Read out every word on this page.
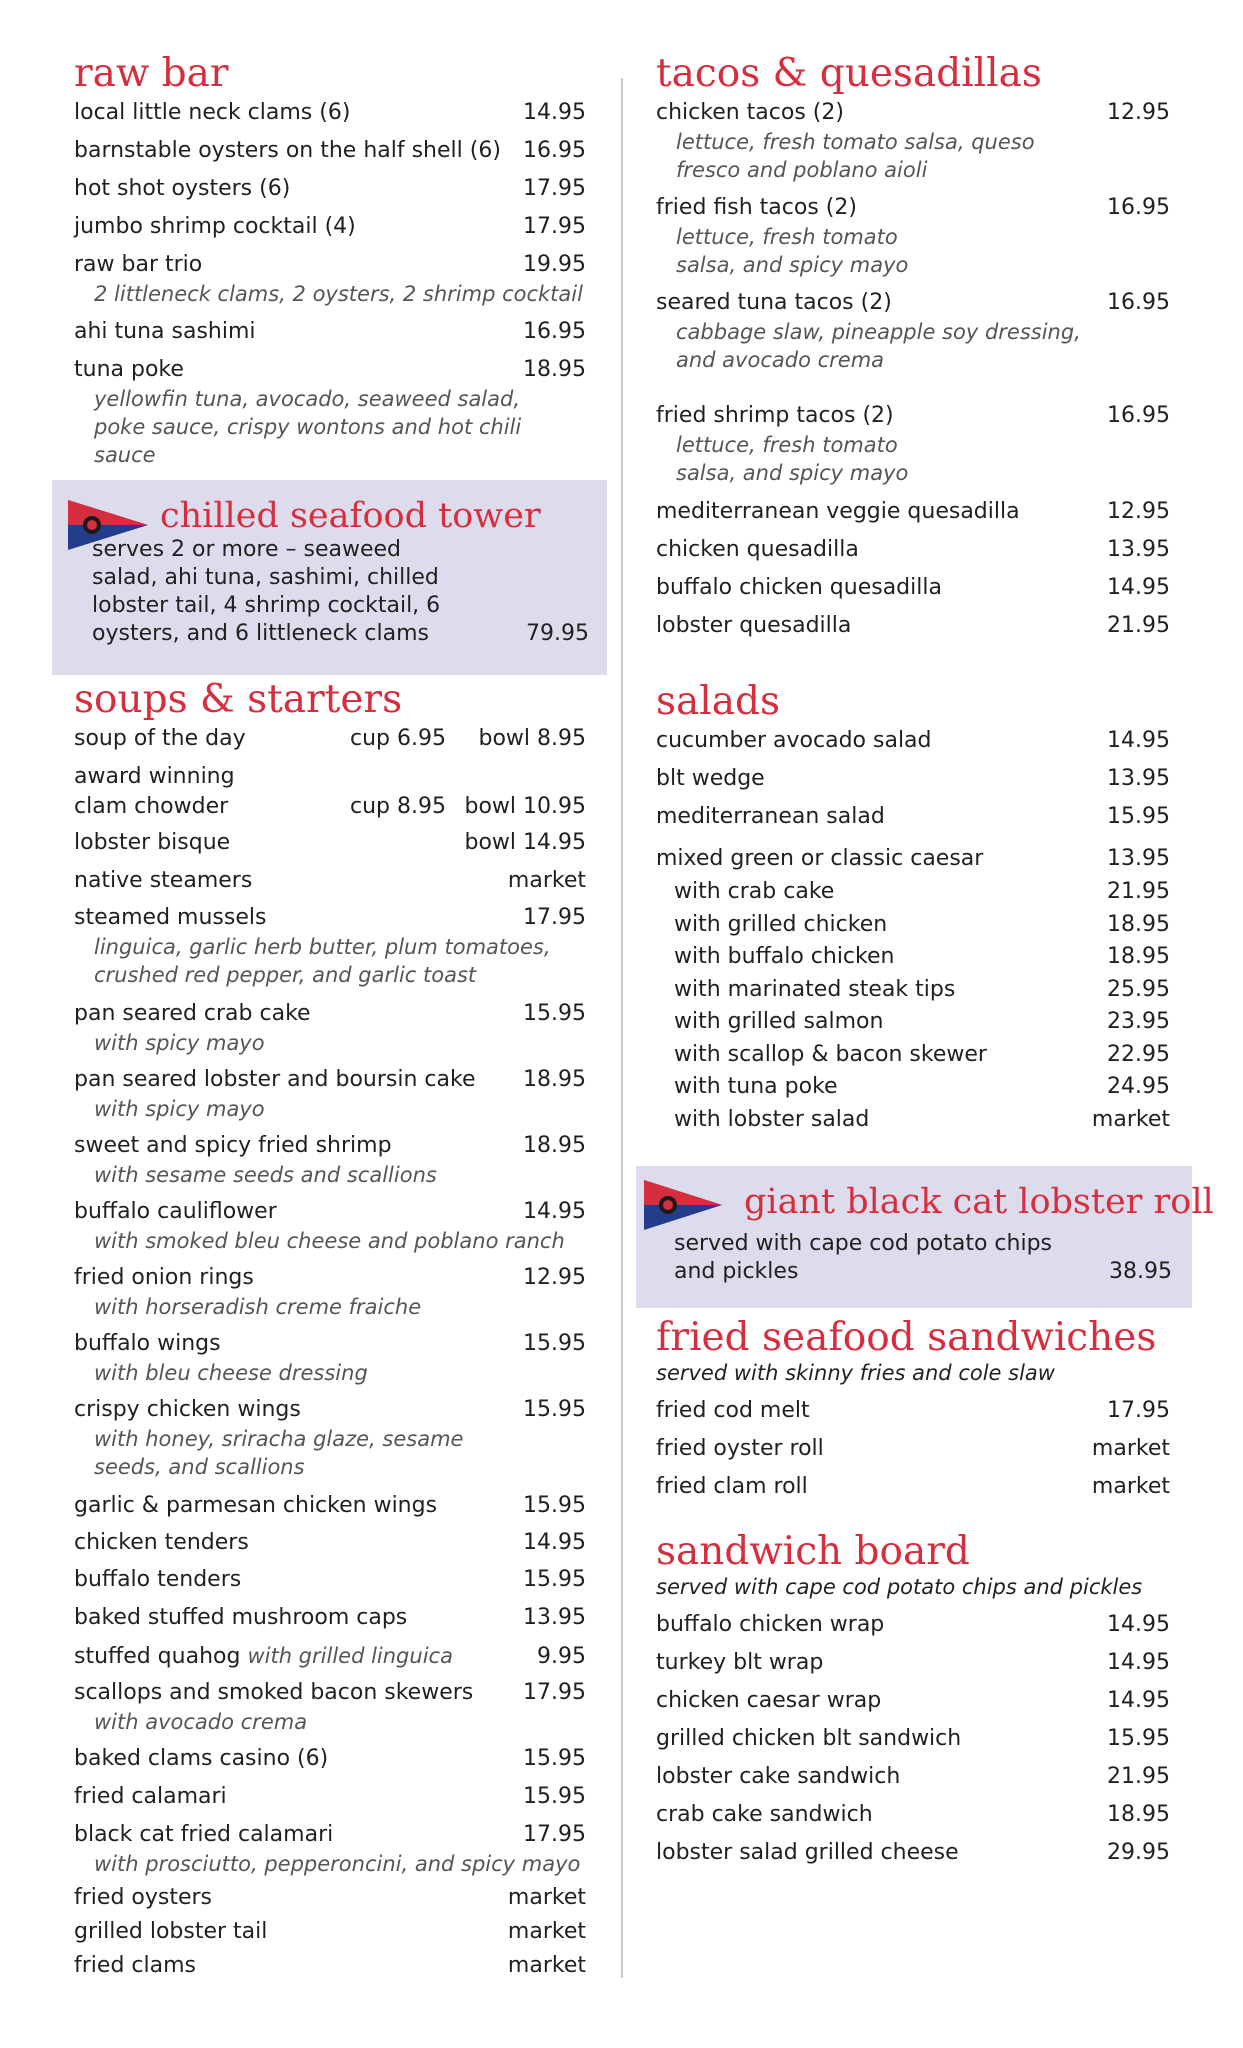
raw bar
local little neck clams (6)	14.95
barnstable oysters on the half shell (6) 16.95
hot shot oysters (6)	17.95
jumbo shrimp cocktail (4)	17.95
raw bar trio	19.95
2 littleneck clams, 2 oysters, 2 shrimp cocktail
ahi tuna sashimi	16.95
tuna poke	18.95
yellowfin tuna, avocado, seaweed salad, poke sauce, crispy wontons and hot chili sauce
chilled seafood tower
serves 2 or more – seaweed salad, ahi tuna, sashimi, chilled lobster tail, 4 shrimp cocktail, 6 oysters, and 6 littleneck clams	79.95
soups & starters
soup of the day	cup 6.95	bowl 8.95
award winning clam chowder	cup 8.95 bowl 10.95
lobster bisque	bowl 14.95
native steamers	market
steamed mussels	17.95
linguica, garlic herb butter, plum tomatoes, crushed red pepper, and garlic toast
pan seared crab cake	15.95
with spicy mayo
pan seared lobster and boursin cake 18.95
with spicy mayo
sweet and spicy fried shrimp	18.95
with sesame seeds and scallions
buffalo cauliflower	14.95
with smoked bleu cheese and poblano ranch
fried onion rings	12.95
with horseradish creme fraiche
buffalo wings	15.95
with bleu cheese dressing
crispy chicken wings	15.95
with honey, sriracha glaze, sesame seeds, and scallions
garlic & parmesan chicken wings	15.95
chicken tenders	14.95
buffalo tenders	15.95
baked stuffed mushroom caps	13.95
stuffed quahog with grilled linguica	9.95
scallops and smoked bacon skewers 17.95
with avocado crema
baked clams casino (6)	15.95
fried calamari	15.95
black cat fried calamari	17.95
with prosciutto, pepperoncini, and spicy mayo
fried oysters	market
grilled lobster tail	market
fried clams	market
tacos & quesadillas
chicken tacos (2)	12.95
lettuce, fresh tomato salsa, queso fresco and poblano aioli
fried fish tacos (2)	16.95
lettuce, fresh tomato salsa, and spicy mayo
seared tuna tacos (2)	16.95
cabbage slaw, pineapple soy dressing, and avocado crema
fried shrimp tacos (2)	16.95
lettuce, fresh tomato salsa, and spicy mayo
mediterranean veggie quesadilla	12.95
chicken quesadilla	13.95
buffalo chicken quesadilla	14.95
lobster quesadilla	21.95
salads
cucumber avocado salad	14.95
blt wedge	13.95
mediterranean salad	15.95
mixed green or classic caesar	13.95
with crab cake	21.95
with grilled chicken	18.95
with buffalo chicken	18.95
with marinated steak tips	25.95
with grilled salmon	23.95
with scallop & bacon skewer	22.95
with tuna poke	24.95
with lobster salad	market
giant black cat lobster roll
served with cape cod potato chips and pickles	38.95
fried seafood sandwiches
served with skinny fries and cole slaw
fried cod melt	17.95
fried oyster roll	market
fried clam roll	market
sandwich board
served with cape cod potato chips and pickles
buffalo chicken wrap	14.95
turkey blt wrap	14.95
chicken caesar wrap	14.95
grilled chicken blt sandwich	15.95
lobster cake sandwich	21.95
crab cake sandwich	18.95
lobster salad grilled cheese	29.95
